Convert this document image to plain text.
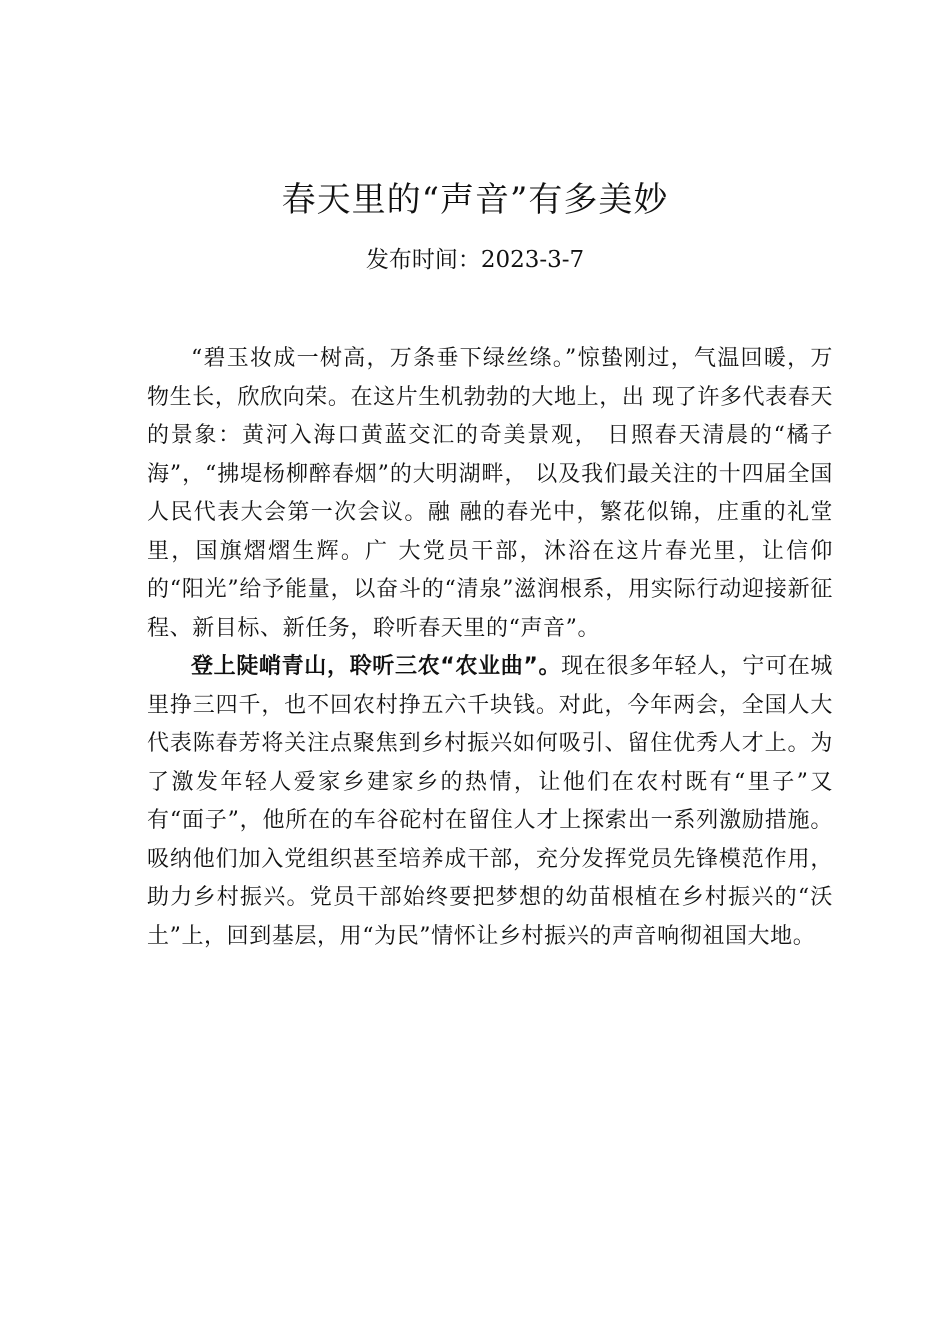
春天里的“声音”有多美妙
发布时间：2023-3-7

“碧玉妆成一树高，万条垂下绿丝绦。”惊蛰刚过，气温回暖，万物生长，欣欣向荣。在这片生机勃勃的大地上，出 现了许多代表春天的景象：黄河入海口黄蓝交汇的奇美景观， 日照春天清晨的“橘子海”，“拂堤杨柳醉春烟”的大明湖畔， 以及我们最关注的十四届全国人民代表大会第一次会议。融 融的春光中，繁花似锦，庄重的礼堂里，国旗熠熠生辉。广 大党员干部，沐浴在这片春光里，让信仰的“阳光”给予能量，以奋斗的“清泉”滋润根系，用实际行动迎接新征程、新目标、新任务，聆听春天里的“声音”。

登上陡峭青山，聆听三农“农业曲”。现在很多年轻人，宁可在城里挣三四千，也不回农村挣五六千块钱。对此，今年两会，全国人大代表陈春芳将关注点聚焦到乡村振兴如何吸引、留住优秀人才上。为了激发年轻人爱家乡建家乡的热情，让他们在农村既有“里子”又有“面子”，他所在的车谷砣村在留住人才上探索出一系列激励措施。吸纳他们加入党组织甚至培养成干部，充分发挥党员先锋模范作用，助力乡村振兴。党员干部始终要把梦想的幼苗根植在乡村振兴的“沃土”上，回到基层，用“为民”情怀让乡村振兴的声音响彻祖国大地。
